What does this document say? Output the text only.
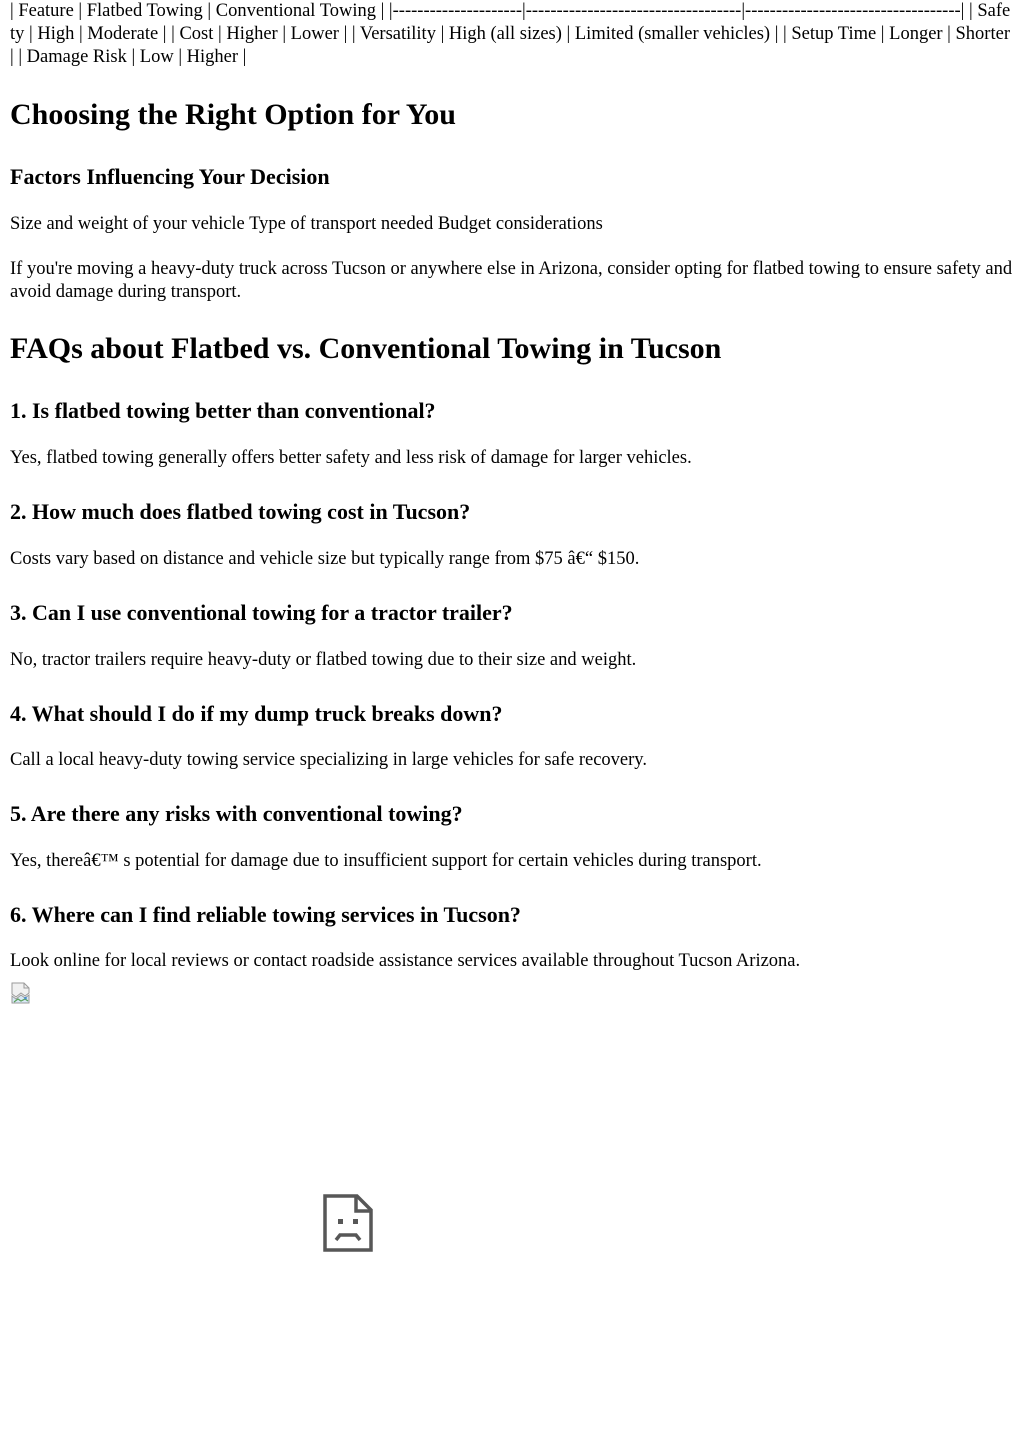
| Feature | Flatbed Towing | Conventional Towing | |---------------------|-----------------------------------|-----------------------------------| | Safety | High | Moderate | | Cost | Higher | Lower | | Versatility | High (all sizes) | Limited (smaller vehicles) | | Setup Time | Longer | Shorter | | Damage Risk | Low | Higher |

Choosing the Right Option for You
Factors Influencing Your Decision

Size and weight of your vehicle Type of transport needed Budget considerations

If you're moving a heavy-duty truck across Tucson or anywhere else in Arizona, consider opting for flatbed towing to ensure safety and avoid damage during transport.

FAQs about Flatbed vs. Conventional Towing in Tucson
1. Is flatbed towing better than conventional?

Yes, flatbed towing generally offers better safety and less risk of damage for larger vehicles.

2. How much does flatbed towing cost in Tucson?

Costs vary based on distance and vehicle size but typically range from $75 â€“ $150.

3. Can I use conventional towing for a tractor trailer?

No, tractor trailers require heavy-duty or flatbed towing due to their size and weight.

4. What should I do if my dump truck breaks down?

Call a local heavy-duty towing service specializing in large vehicles for safe recovery.

5. Are there any risks with conventional towing?

Yes, thereâ€™ s potential for damage due to insufficient support for certain vehicles during transport.

6. Where can I find reliable towing services in Tucson?

Look online for local reviews or contact roadside assistance services available throughout Tucson Arizona.
